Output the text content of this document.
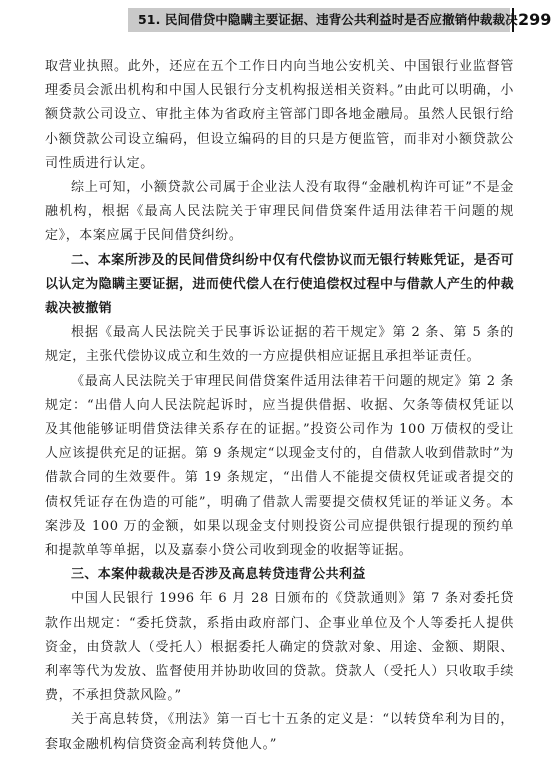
51. 民间借贷中隐瞒主要证据、违背公共利益时是否应撤销仲裁裁决 299

取营业执照。此外，还应在五个工作日内向当地公安机关、中国银行业监督管理委员会派出机构和中国人民银行分支机构报送相关资料。”由此可以明确，小额贷款公司设立、审批主体为省政府主管部门即各地金融局。虽然人民银行给小额贷款公司设立编码，但设立编码的目的只是方便监管，而非对小额贷款公司性质进行认定。

综上可知，小额贷款公司属于企业法人没有取得“金融机构许可证”不是金融机构，根据《最高人民法院关于审理民间借贷案件适用法律若干问题的规定》，本案应属于民间借贷纠纷。

二、本案所涉及的民间借贷纠纷中仅有代偿协议而无银行转账凭证，是否可以认定为隐瞒主要证据，进而使代偿人在行使追偿权过程中与借款人产生的仲裁裁决被撤销

根据《最高人民法院关于民事诉讼证据的若干规定》第 2 条、第 5 条的规定，主张代偿协议成立和生效的一方应提供相应证据且承担举证责任。

《最高人民法院关于审理民间借贷案件适用法律若干问题的规定》第 2 条规定：“出借人向人民法院起诉时，应当提供借据、收据、欠条等债权凭证以及其他能够证明借贷法律关系存在的证据。”投资公司作为 100 万债权的受让人应该提供充足的证据。第 9 条规定“以现金支付的，自借款人收到借款时”为借款合同的生效要件。第 19 条规定，“出借人不能提交债权凭证或者提交的债权凭证存在伪造的可能”，明确了借款人需要提交债权凭证的举证义务。本案涉及 100 万的金额，如果以现金支付则投资公司应提供银行提现的预约单和提款单等单据，以及嘉泰小贷公司收到现金的收据等证据。

三、本案仲裁裁决是否涉及高息转贷违背公共利益

中国人民银行 1996 年 6 月 28 日颁布的《贷款通则》第 7 条对委托贷款作出规定：“委托贷款，系指由政府部门、企事业单位及个人等委托人提供资金，由贷款人（受托人）根据委托人确定的贷款对象、用途、金额、期限、利率等代为发放、监督使用并协助收回的贷款。贷款人（受托人）只收取手续费，不承担贷款风险。”

关于高息转贷，《刑法》第一百七十五条的定义是：“以转贷牟利为目的，套取金融机构信贷资金高利转贷他人。”
